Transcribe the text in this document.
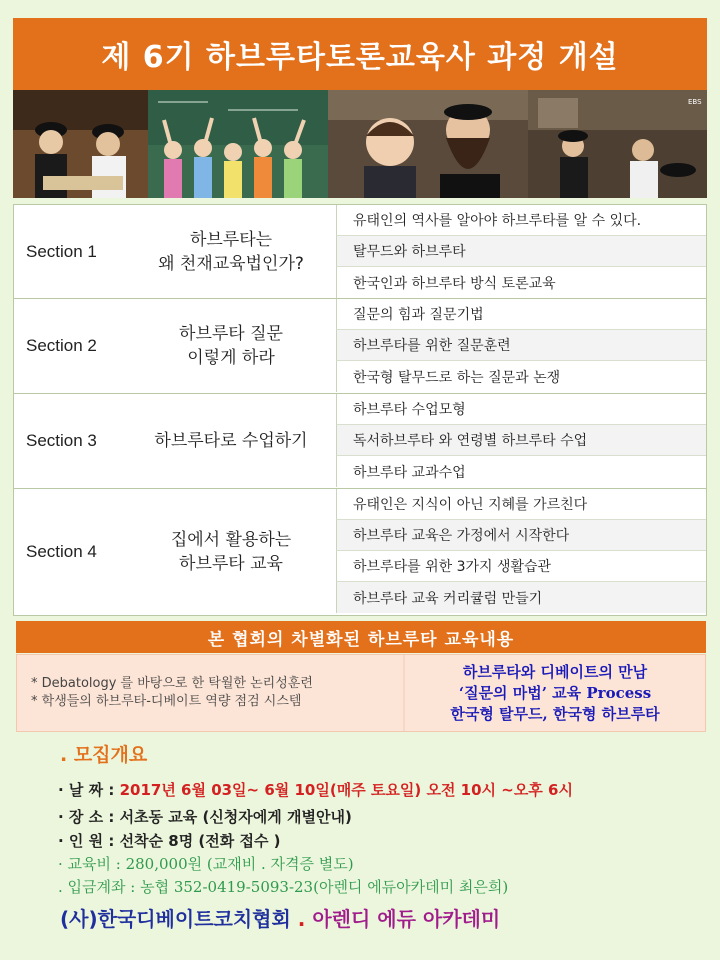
제 6기 하브루타토론교육사 과정 개설
EBS
Section 1
하브루타는
왜 천재교육법인가?
유태인의 역사를 알아야 하브루타를 알 수 있다.
탈무드와 하브루타
한국인과 하브루타 방식 토론교육
Section 2
하브루타 질문
이렇게 하라
질문의 힘과 질문기법
하브루타를 위한 질문훈련
한국형 탈무드로 하는 질문과 논쟁
Section 3	하브루타로 수업하기
하브루타 수업모형
독서하브루타 와 연령별 하브루타 수업
하브루타 교과수업
Section 4
집에서 활용하는
하브루타 교육
유태인은 지식이 아닌 지혜를 가르친다
하브루타 교육은 가정에서 시작한다
하브루타를 위한 3가지 생활습관
하브루타 교육 커리큘럼 만들기
본 협회의 차별화된 하브루타 교육내용
* Debatology 를 바탕으로 한 탁월한 논리성훈련
* 학생들의 하브루타-디베이트 역량 점검 시스템
하브루타와 디베이트의 만남
‘질문의 마법’ 교육 Process
한국형 탈무드, 한국형 하브루타
. 모집개요
· 날 짜 : 2017년 6월 03일~ 6월 10일(매주 토요일) 오전 10시 ~오후 6시
· 장 소 : 서초동 교육 (신청자에게 개별안내)
· 인 원 : 선착순 8명 (전화 접수 )
· 교육비 : 280,000원 (교재비 . 자격증 별도)
. 입금계좌 : 농협 352-0419-5093-23(아렌디 에듀아카데미 최은희)
(사)한국디베이트코치협회 . 아렌디 에듀 아카데미
